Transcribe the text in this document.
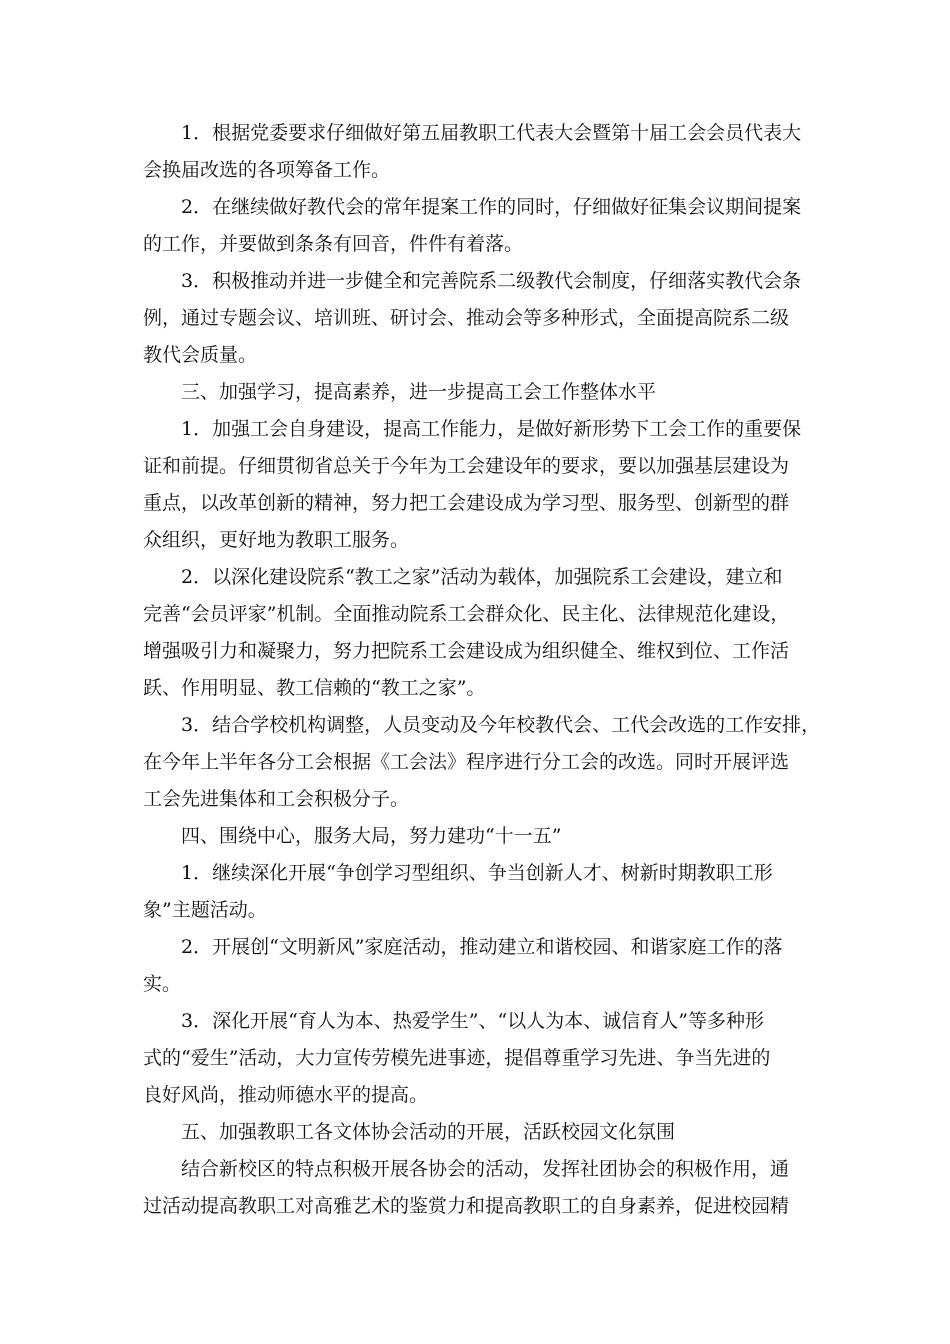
1．根据党委要求仔细做好第五届教职工代表大会暨第十届工会会员代表大
会换届改选的各项筹备工作。
2．在继续做好教代会的常年提案工作的同时，仔细做好征集会议期间提案
的工作，并要做到条条有回音，件件有着落。
3．积极推动并进一步健全和完善院系二级教代会制度，仔细落实教代会条
例，通过专题会议、培训班、研讨会、推动会等多种形式，全面提高院系二级
教代会质量。
三、加强学习，提高素养，进一步提高工会工作整体水平
1．加强工会自身建设，提高工作能力，是做好新形势下工会工作的重要保
证和前提。仔细贯彻省总关于今年为工会建设年的要求，要以加强基层建设为
重点，以改革创新的精神，努力把工会建设成为学习型、服务型、创新型的群
众组织，更好地为教职工服务。
2．以深化建设院系“教工之家”活动为载体，加强院系工会建设，建立和
完善“会员评家”机制。全面推动院系工会群众化、民主化、法律规范化建设，
增强吸引力和凝聚力，努力把院系工会建设成为组织健全、维权到位、工作活
跃、作用明显、教工信赖的“教工之家”。
3．结合学校机构调整，人员变动及今年校教代会、工代会改选的工作安排，
在今年上半年各分工会根据《工会法》程序进行分工会的改选。同时开展评选
工会先进集体和工会积极分子。
四、围绕中心，服务大局，努力建功“十一五”
1．继续深化开展“争创学习型组织、争当创新人才、树新时期教职工形
象”主题活动。
2．开展创“文明新风”家庭活动，推动建立和谐校园、和谐家庭工作的落
实。
3．深化开展“育人为本、热爱学生”、“以人为本、诚信育人”等多种形
式的“爱生”活动，大力宣传劳模先进事迹，提倡尊重学习先进、争当先进的
良好风尚，推动师德水平的提高。
五、加强教职工各文体协会活动的开展，活跃校园文化氛围
结合新校区的特点积极开展各协会的活动，发挥社团协会的积极作用，通
过活动提高教职工对高雅艺术的鉴赏力和提高教职工的自身素养，促进校园精
